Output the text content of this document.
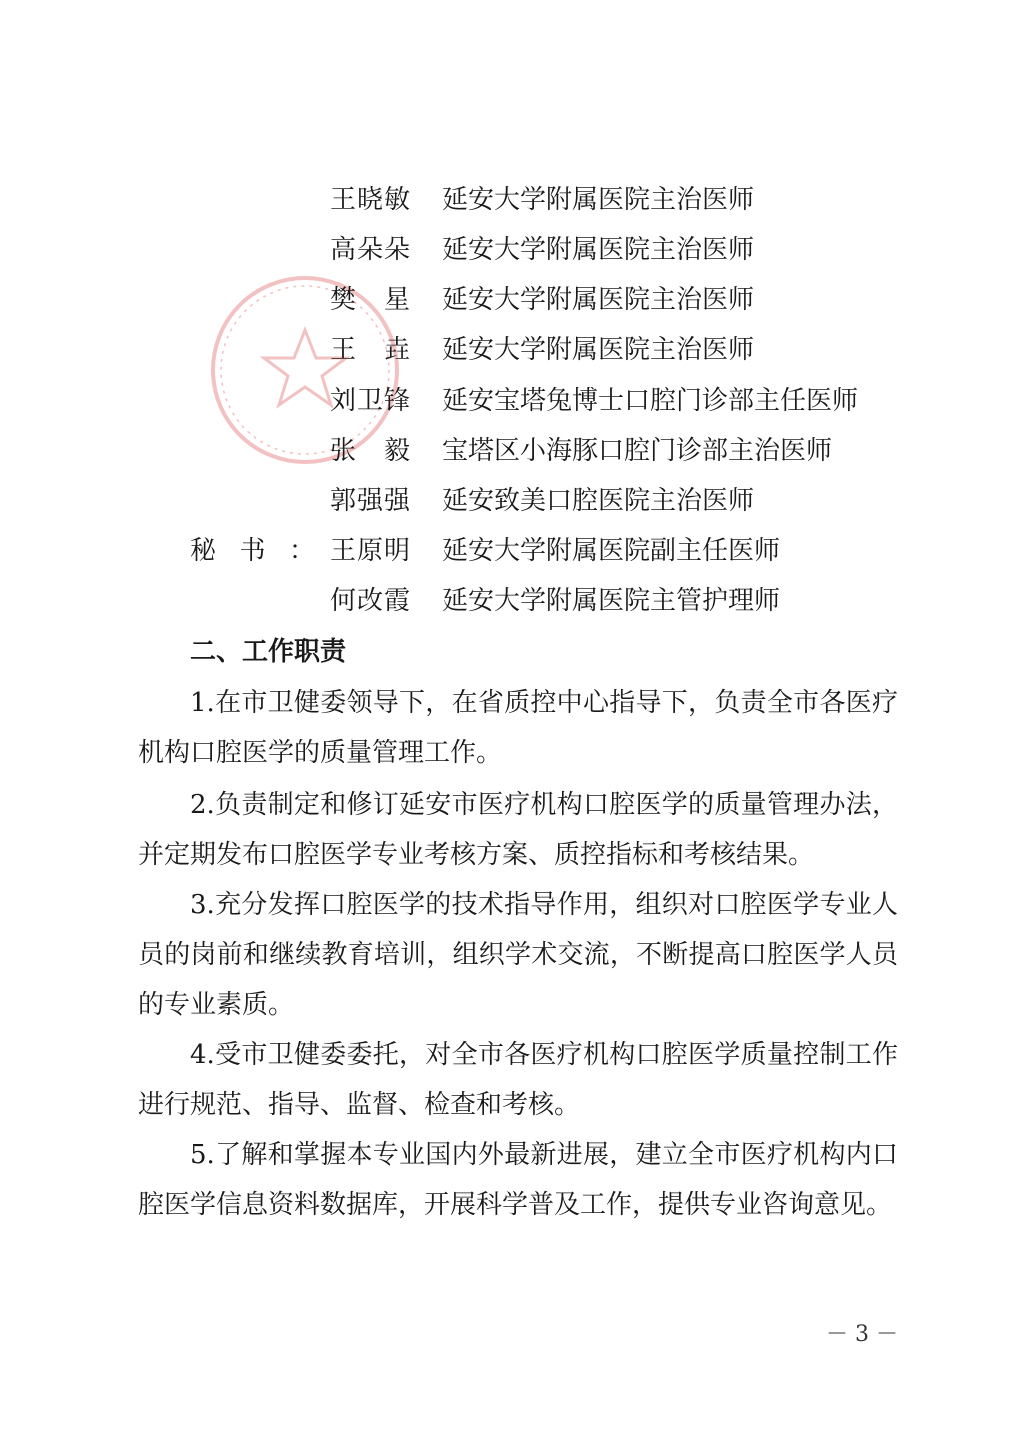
王 晓 敏 延安大学附属医院主治医师
高 朵 朵 延安大学附属医院主治医师
樊 星 延安大学附属医院主治医师
王 垚 延安大学附属医院主治医师
刘 卫 锋 延安宝塔兔博士口腔门诊部主任医师
张 毅 宝塔区小海豚口腔门诊部主治医师
郭 强 强 延安致美口腔医院主治医师
秘 书 ： 王 原 明 延安大学附属医院副主任医师
何 改 霞 延安大学附属医院主管护理师
二、工作职责

1.在市卫健委领导下，在省质控中心指导下，负责全市各医疗机构口腔医学的质量管理工作。

2.负责制定和修订延安市医疗机构口腔医学的质量管理办法，并定期发布口腔医学专业考核方案、质控指标和考核结果。

3.充分发挥口腔医学的技术指导作用，组织对口腔医学专业人员的岗前和继续教育培训，组织学术交流，不断提高口腔医学人员的专业素质。

4.受市卫健委委托，对全市各医疗机构口腔医学质量控制工作进行规范、指导、监督、检查和考核。

5.了解和掌握本专业国内外最新进展，建立全市医疗机构内口腔医学信息资料数据库，开展科学普及工作，提供专业咨询意见。

－ 3 －
